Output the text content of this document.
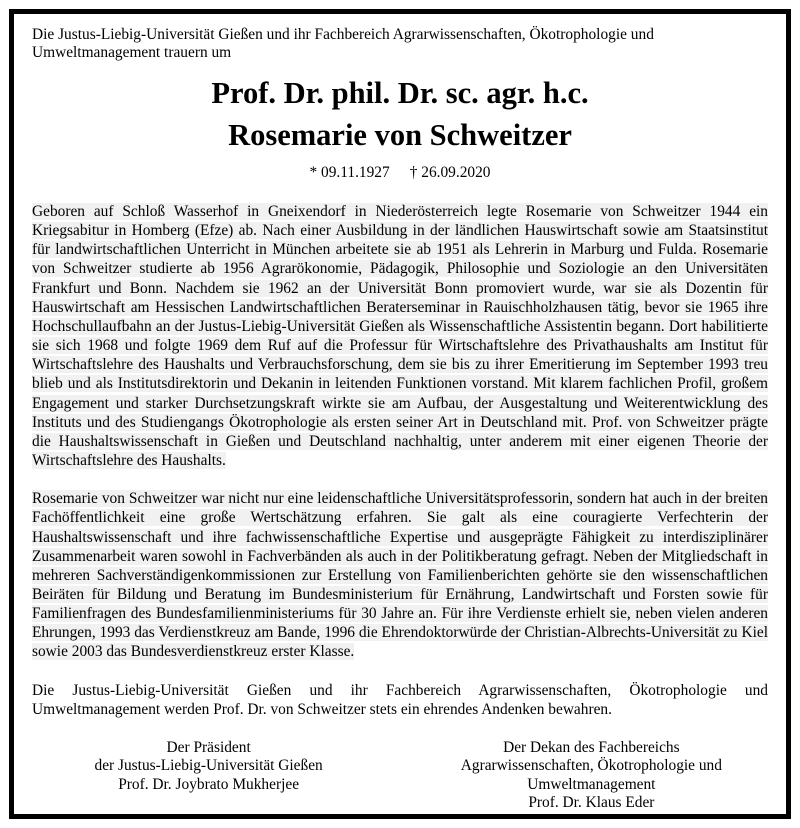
Die Justus-Liebig-Universität Gießen und ihr Fachbereich Agrarwissenschaften, Ökotrophologie und Umweltmanagement trauern um

Prof. Dr. phil. Dr. sc. agr. h.c.
Rosemarie von Schweitzer
* 09.11.1927 † 26.09.2020

Geboren auf Schloß Wasserhof in Gneixendorf in Niederösterreich legte Rosemarie von Schweitzer 1944 ein Kriegsabitur in Homberg (Efze) ab. Nach einer Ausbildung in der ländlichen Hauswirtschaft sowie am Staatsinstitut für landwirtschaftlichen Unterricht in München arbeitete sie ab 1951 als Lehrerin in Marburg und Fulda. Rosemarie von Schweitzer studierte ab 1956 Agrarökonomie, Pädagogik, Philosophie und Soziologie an den Universitäten Frankfurt und Bonn. Nachdem sie 1962 an der Universität Bonn promoviert wurde, war sie als Dozentin für Hauswirtschaft am Hessischen Landwirtschaftlichen Beraterseminar in Rauischholzhausen tätig, bevor sie 1965 ihre Hochschullaufbahn an der Justus-Liebig-Universität Gießen als Wissenschaftliche Assistentin begann. Dort habilitierte sie sich 1968 und folgte 1969 dem Ruf auf die Professur für Wirtschaftslehre des Privathaushalts am Institut für Wirtschaftslehre des Haushalts und Verbrauchsforschung, dem sie bis zu ihrer Emeritierung im September 1993 treu blieb und als Institutsdirektorin und Dekanin in leitenden Funktionen vorstand. Mit klarem fachlichen Profil, großem Engagement und starker Durchsetzungskraft wirkte sie am Aufbau, der Ausgestaltung und Weiterentwicklung des Instituts und des Studiengangs Ökotrophologie als ersten seiner Art in Deutschland mit. Prof. von Schweitzer prägte die Haushaltswissenschaft in Gießen und Deutschland nachhaltig, unter anderem mit einer eigenen Theorie der Wirtschaftslehre des Haushalts.

Rosemarie von Schweitzer war nicht nur eine leidenschaftliche Universitätsprofessorin, sondern hat auch in der breiten Fachöffentlichkeit eine große Wertschätzung erfahren. Sie galt als eine couragierte Verfechterin der Haushaltswissenschaft und ihre fachwissenschaftliche Expertise und ausgeprägte Fähigkeit zu interdisziplinärer Zusammenarbeit waren sowohl in Fachverbänden als auch in der Politikberatung gefragt. Neben der Mitgliedschaft in mehreren Sachverständigenkommissionen zur Erstellung von Familienberichten gehörte sie den wissenschaftlichen Beiräten für Bildung und Beratung im Bundesministerium für Ernährung, Landwirtschaft und Forsten sowie für Familienfragen des Bundesfamilienministeriums für 30 Jahre an. Für ihre Verdienste erhielt sie, neben vielen anderen Ehrungen, 1993 das Verdienstkreuz am Bande, 1996 die Ehrendoktorwürde der Christian-Albrechts-Universität zu Kiel sowie 2003 das Bundesverdienstkreuz erster Klasse.

Die Justus-Liebig-Universität Gießen und ihr Fachbereich Agrarwissenschaften, Ökotrophologie und Umweltmanagement werden Prof. Dr. von Schweitzer stets ein ehrendes Andenken bewahren.

Der Präsident
der Justus-Liebig-Universität Gießen
Prof. Dr. Joybrato Mukherjee
Der Dekan des Fachbereichs
Agrarwissenschaften, Ökotrophologie und
Umweltmanagement
Prof. Dr. Klaus Eder
